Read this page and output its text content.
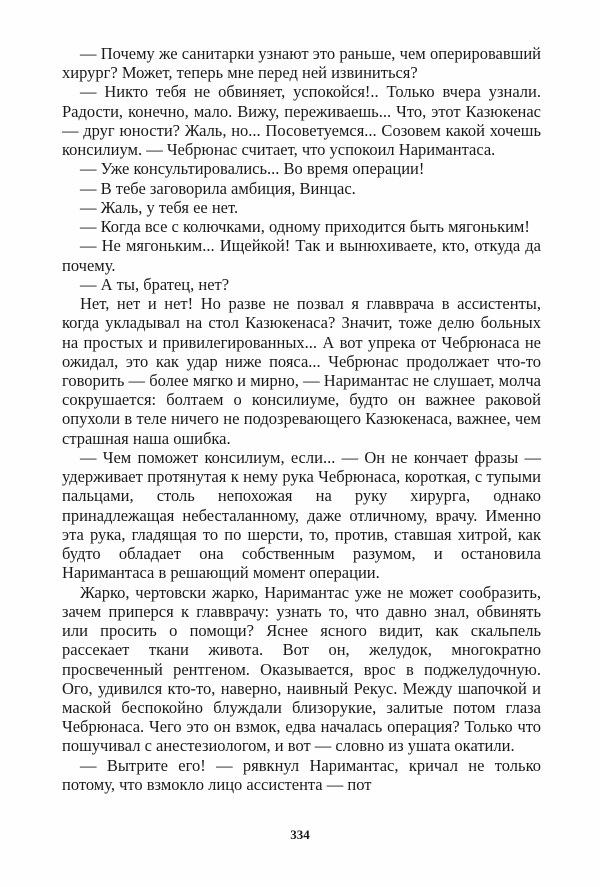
— Почему же санитарки узнают это раньше, чем оперировавший хирург? Может, теперь мне перед ней извиниться?

— Никто тебя не обвиняет, успокойся!.. Только вчера узнали. Радости, конечно, мало. Вижу, переживаешь... Что, этот Казюкенас — друг юности? Жаль, но... Посоветуемся... Созовем какой хочешь консилиум. — Чебрюнас считает, что успокоил Наримантаса.

— Уже консультировались... Во время операции!

— В тебе заговорила амбиция, Винцас.

— Жаль, у тебя ее нет.

— Когда все с колючками, одному приходится быть мягоньким!

— Не мягоньким... Ищейкой! Так и вынюхиваете, кто, откуда да почему.

— А ты, братец, нет?

Нет, нет и нет! Но разве не позвал я главврача в ассистенты, когда укладывал на стол Казюкенаса? Значит, тоже делю больных на простых и привилегированных... А вот упрека от Чебрюнаса не ожидал, это как удар ниже пояса... Чебрюнас продолжает что-то говорить — более мягко и мирно, — Наримантас не слушает, молча сокрушается: болтаем о консилиуме, будто он важнее раковой опухоли в теле ничего не подозревающего Казюкенаса, важнее, чем страшная наша ошибка.

— Чем поможет консилиум, если... — Он не кончает фразы — удерживает протянутая к нему рука Чебрюнаса, короткая, с тупыми пальцами, столь непохожая на руку хирурга, однако принадлежащая небесталанному, даже отличному, врачу. Именно эта рука, гладящая то по шерсти, то, против, ставшая хитрой, как будто обладает она собственным разумом, и остановила Наримантаса в решающий момент операции.

Жарко, чертовски жарко, Наримантас уже не может сообразить, зачем приперся к главврачу: узнать то, что давно знал, обвинять или просить о помощи? Яснее ясного видит, как скальпель рассекает ткани живота. Вот он, желудок, многократно просвеченный рентгеном. Оказывается, врос в поджелудочную. Ого, удивился кто-то, наверно, наивный Рекус. Между шапочкой и маской беспокойно блуждали близорукие, залитые потом глаза Чебрюнаса. Чего это он взмок, едва началась операция? Только что пошучивал с анестезиологом, и вот — словно из ушата окатили.

— Вытрите его! — рявкнул Наримантас, кричал не только потому, что взмокло лицо ассистента — пот

334
